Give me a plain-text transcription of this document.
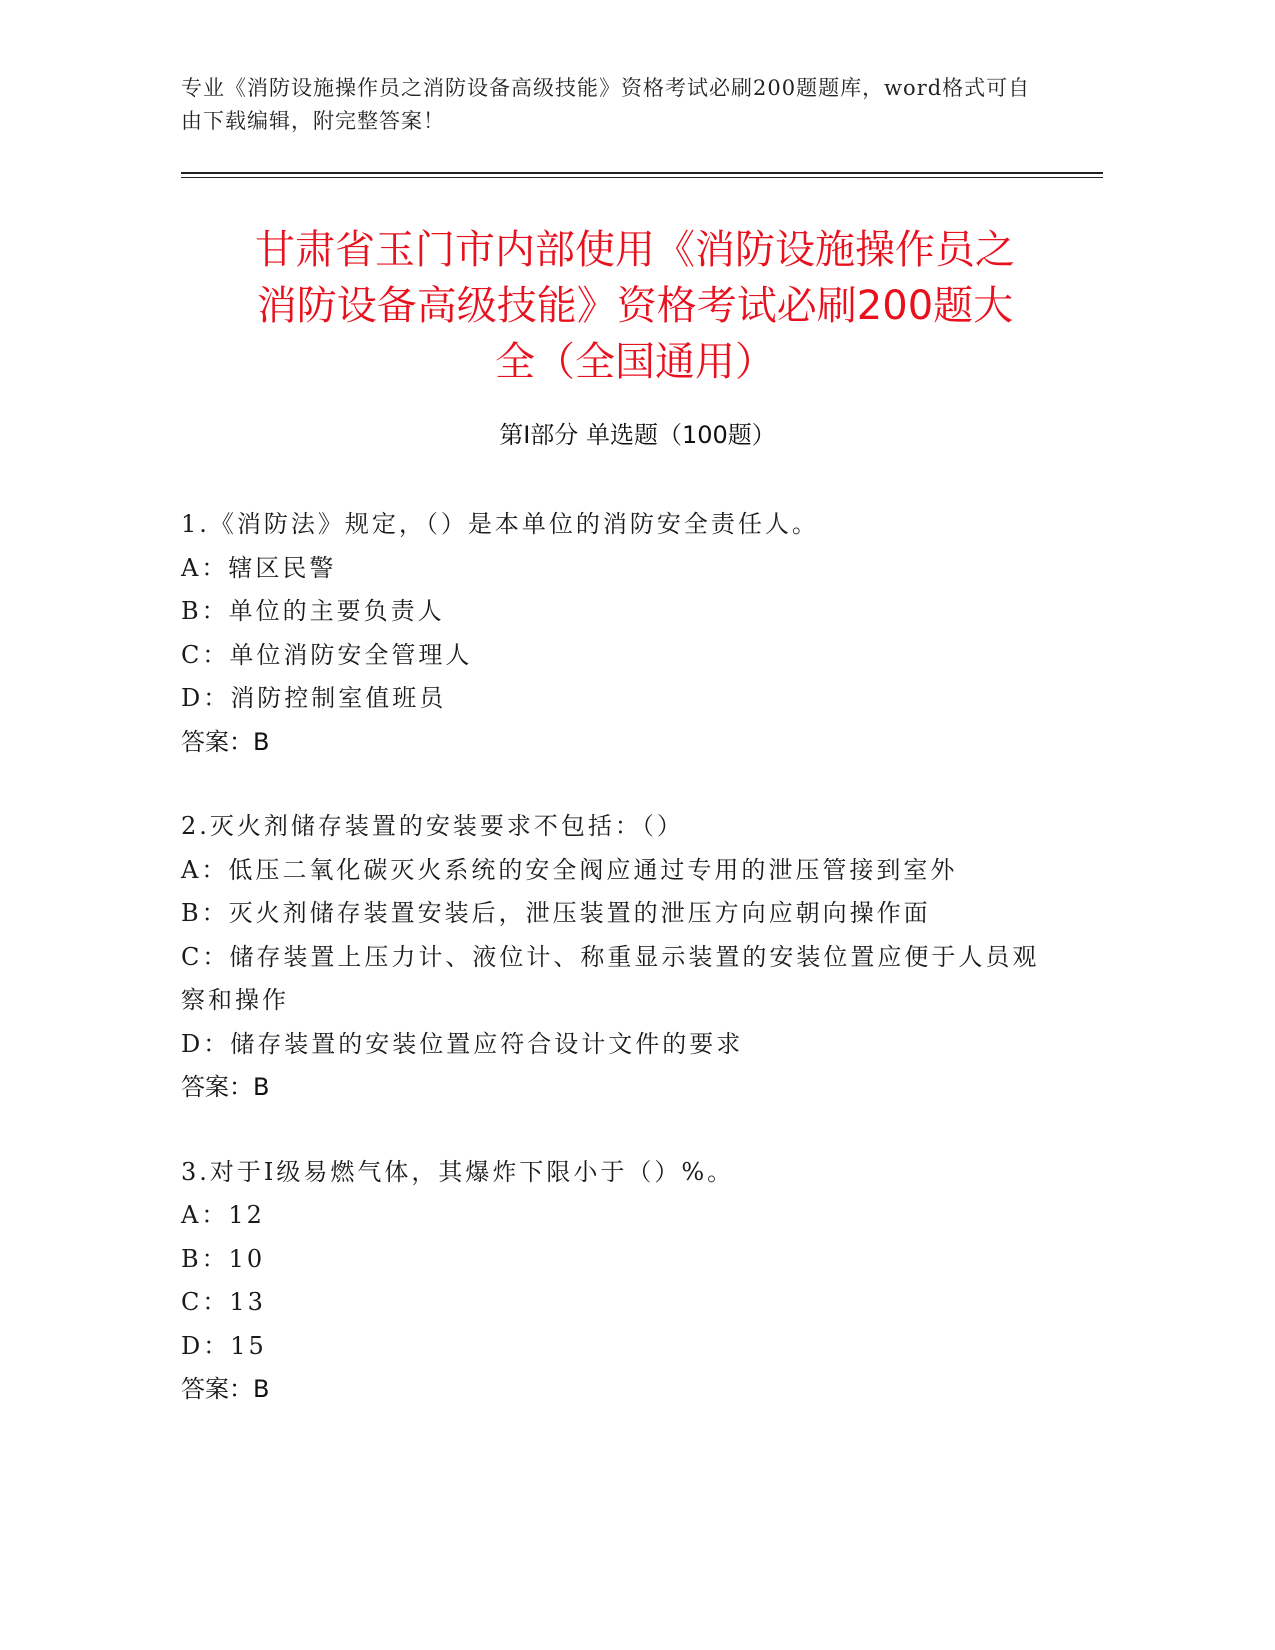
专业《消防设施操作员之消防设备高级技能》资格考试必刷200题题库，word格式可自由下载编辑，附完整答案！
甘肃省玉门市内部使用《消防设施操作员之
消防设备高级技能》资格考试必刷200题大
全（全国通用）
第Ⅰ部分 单选题（100题）
1.《消防法》规定，（）是本单位的消防安全责任人。
A：辖区民警
B：单位的主要负责人
C：单位消防安全管理人
D：消防控制室值班员
答案：B
2.灭火剂储存装置的安装要求不包括：（）
A：低压二氧化碳灭火系统的安全阀应通过专用的泄压管接到室外
B：灭火剂储存装置安装后，泄压装置的泄压方向应朝向操作面
C：储存装置上压力计、液位计、称重显示装置的安装位置应便于人员观察和操作
D：储存装置的安装位置应符合设计文件的要求
答案：B
3.对于Ⅰ级易燃气体，其爆炸下限小于（）%。
A：12
B：10
C：13
D：15
答案：B
